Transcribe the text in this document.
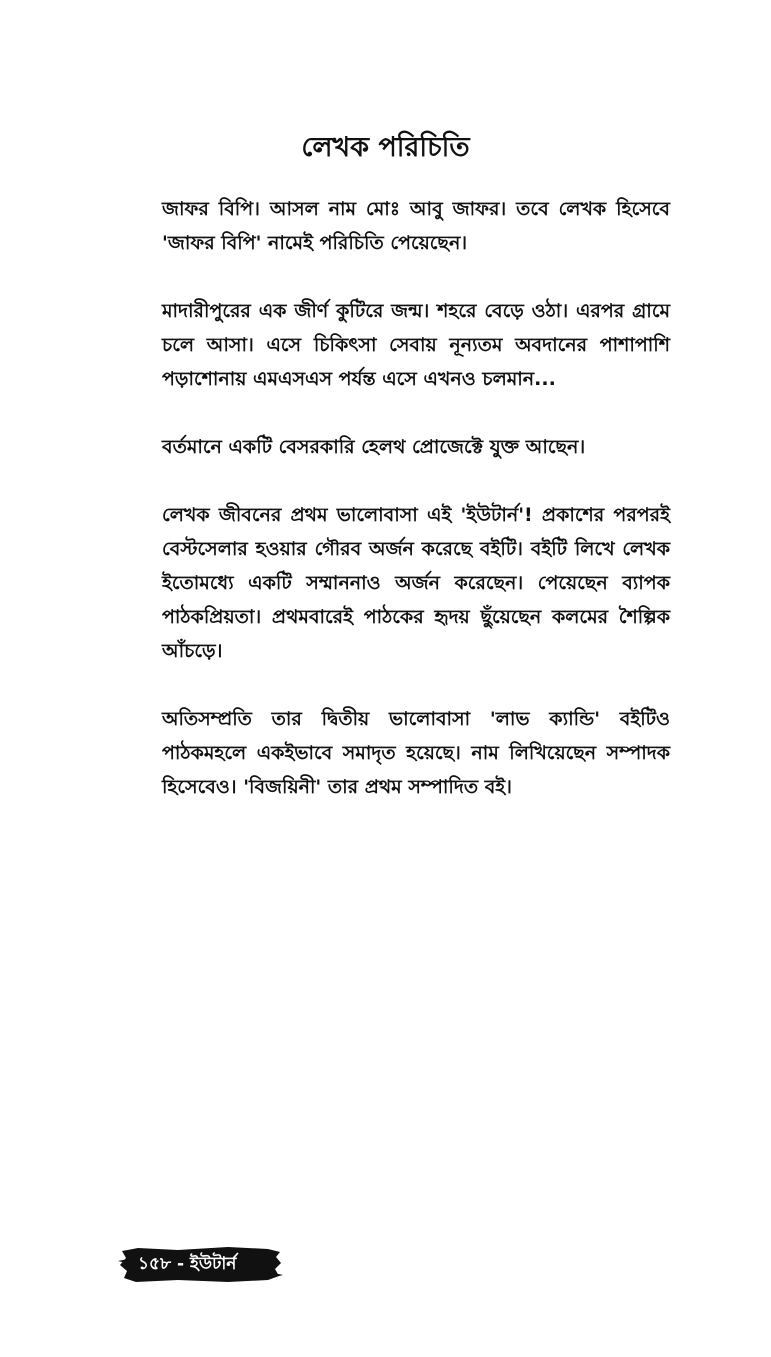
লেখক পরিচিতি

জাফর বিপি। আসল নাম মোঃ আবু জাফর। তবে লেখক হিসেবে 'জাফর বিপি' নামেই পরিচিতি পেয়েছেন।

মাদারীপুরের এক জীর্ণ কুটিরে জন্ম। শহরে বেড়ে ওঠা। এরপর গ্রামে চলে আসা। এসে চিকিৎসা সেবায় নূন্যতম অবদানের পাশাপাশি পড়াশোনায় এমএসএস পর্যন্ত এসে এখনও চলমান...

বর্তমানে একটি বেসরকারি হেলথ প্রোজেক্টে যুক্ত আছেন।

লেখক জীবনের প্রথম ভালোবাসা এই 'ইউটার্ন'! প্রকাশের পরপরই বেস্টসেলার হওয়ার গৌরব অর্জন করেছে বইটি। বইটি লিখে লেখক ইতোমধ্যে একটি সম্মাননাও অর্জন করেছেন। পেয়েছেন ব্যাপক পাঠকপ্রিয়তা। প্রথমবারেই পাঠকের হৃদয় ছুঁয়েছেন কলমের শৈল্পিক আঁচড়ে।

অতিসম্প্রতি তার দ্বিতীয় ভালোবাসা 'লাভ ক্যান্ডি' বইটিও পাঠকমহলে একইভাবে সমাদৃত হয়েছে। নাম লিখিয়েছেন সম্পাদক হিসেবেও। 'বিজয়িনী' তার প্রথম সম্পাদিত বই।

১৫৮ - ইউটার্ন
